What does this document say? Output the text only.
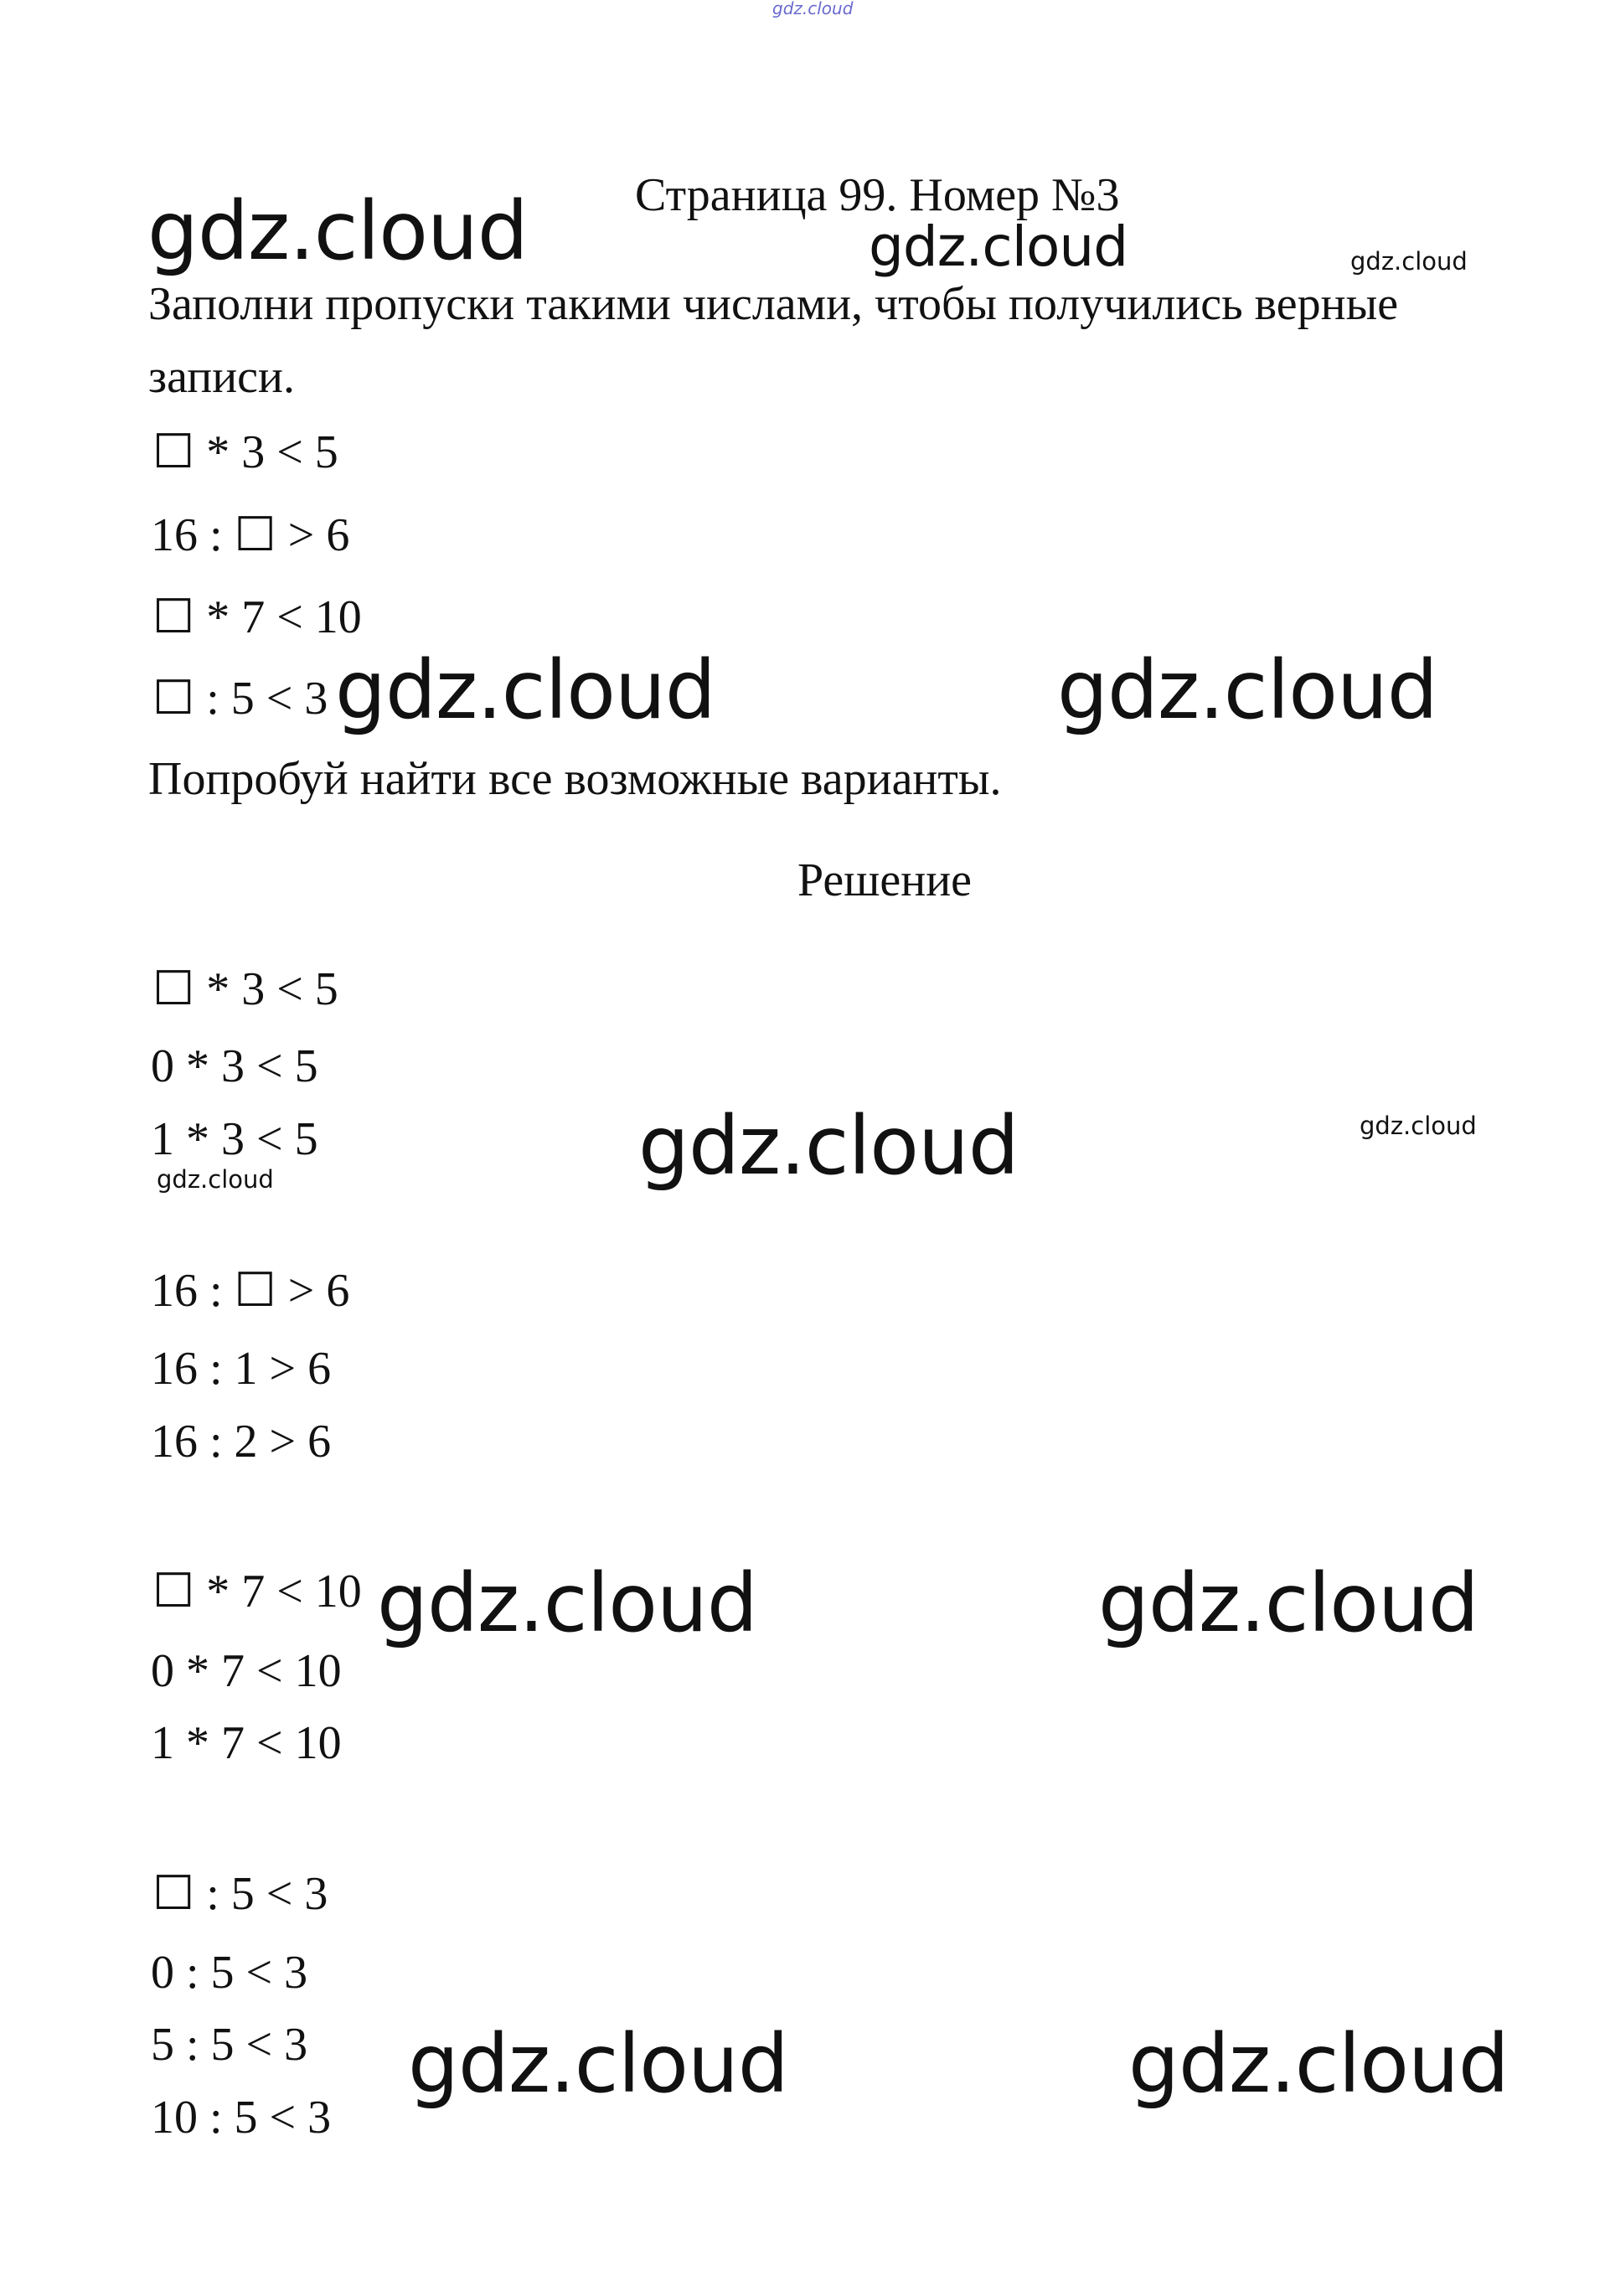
gdz.cloud
Страница 99. Номер №3
gdz.cloud	gdz.cloud	gdz.cloud
Заполни пропуски такими числами, чтобы получились верные
записи.
☐ * 3 < 5
16 : ☐ > 6
☐ * 7 < 10
☐ : 5 < 3 gdz.cloud	gdz.cloud
Попробуй найти все возможные варианты.
Решение
☐ * 3 < 5
0 * 3 < 5
1 * 3 < 5	gdz.cloud	gdz.cloud
gdz.cloud
16 : ☐ > 6
16 : 1 > 6
16 : 2 > 6
☐ * 7 < 10
0 * 7 < 10
1 * 7 < 10
gdz.cloud	gdz.cloud
☐ : 5 < 3
0 : 5 < 3
5 : 5 < 3
10 : 5 < 3
gdz.cloud	gdz.cloud
